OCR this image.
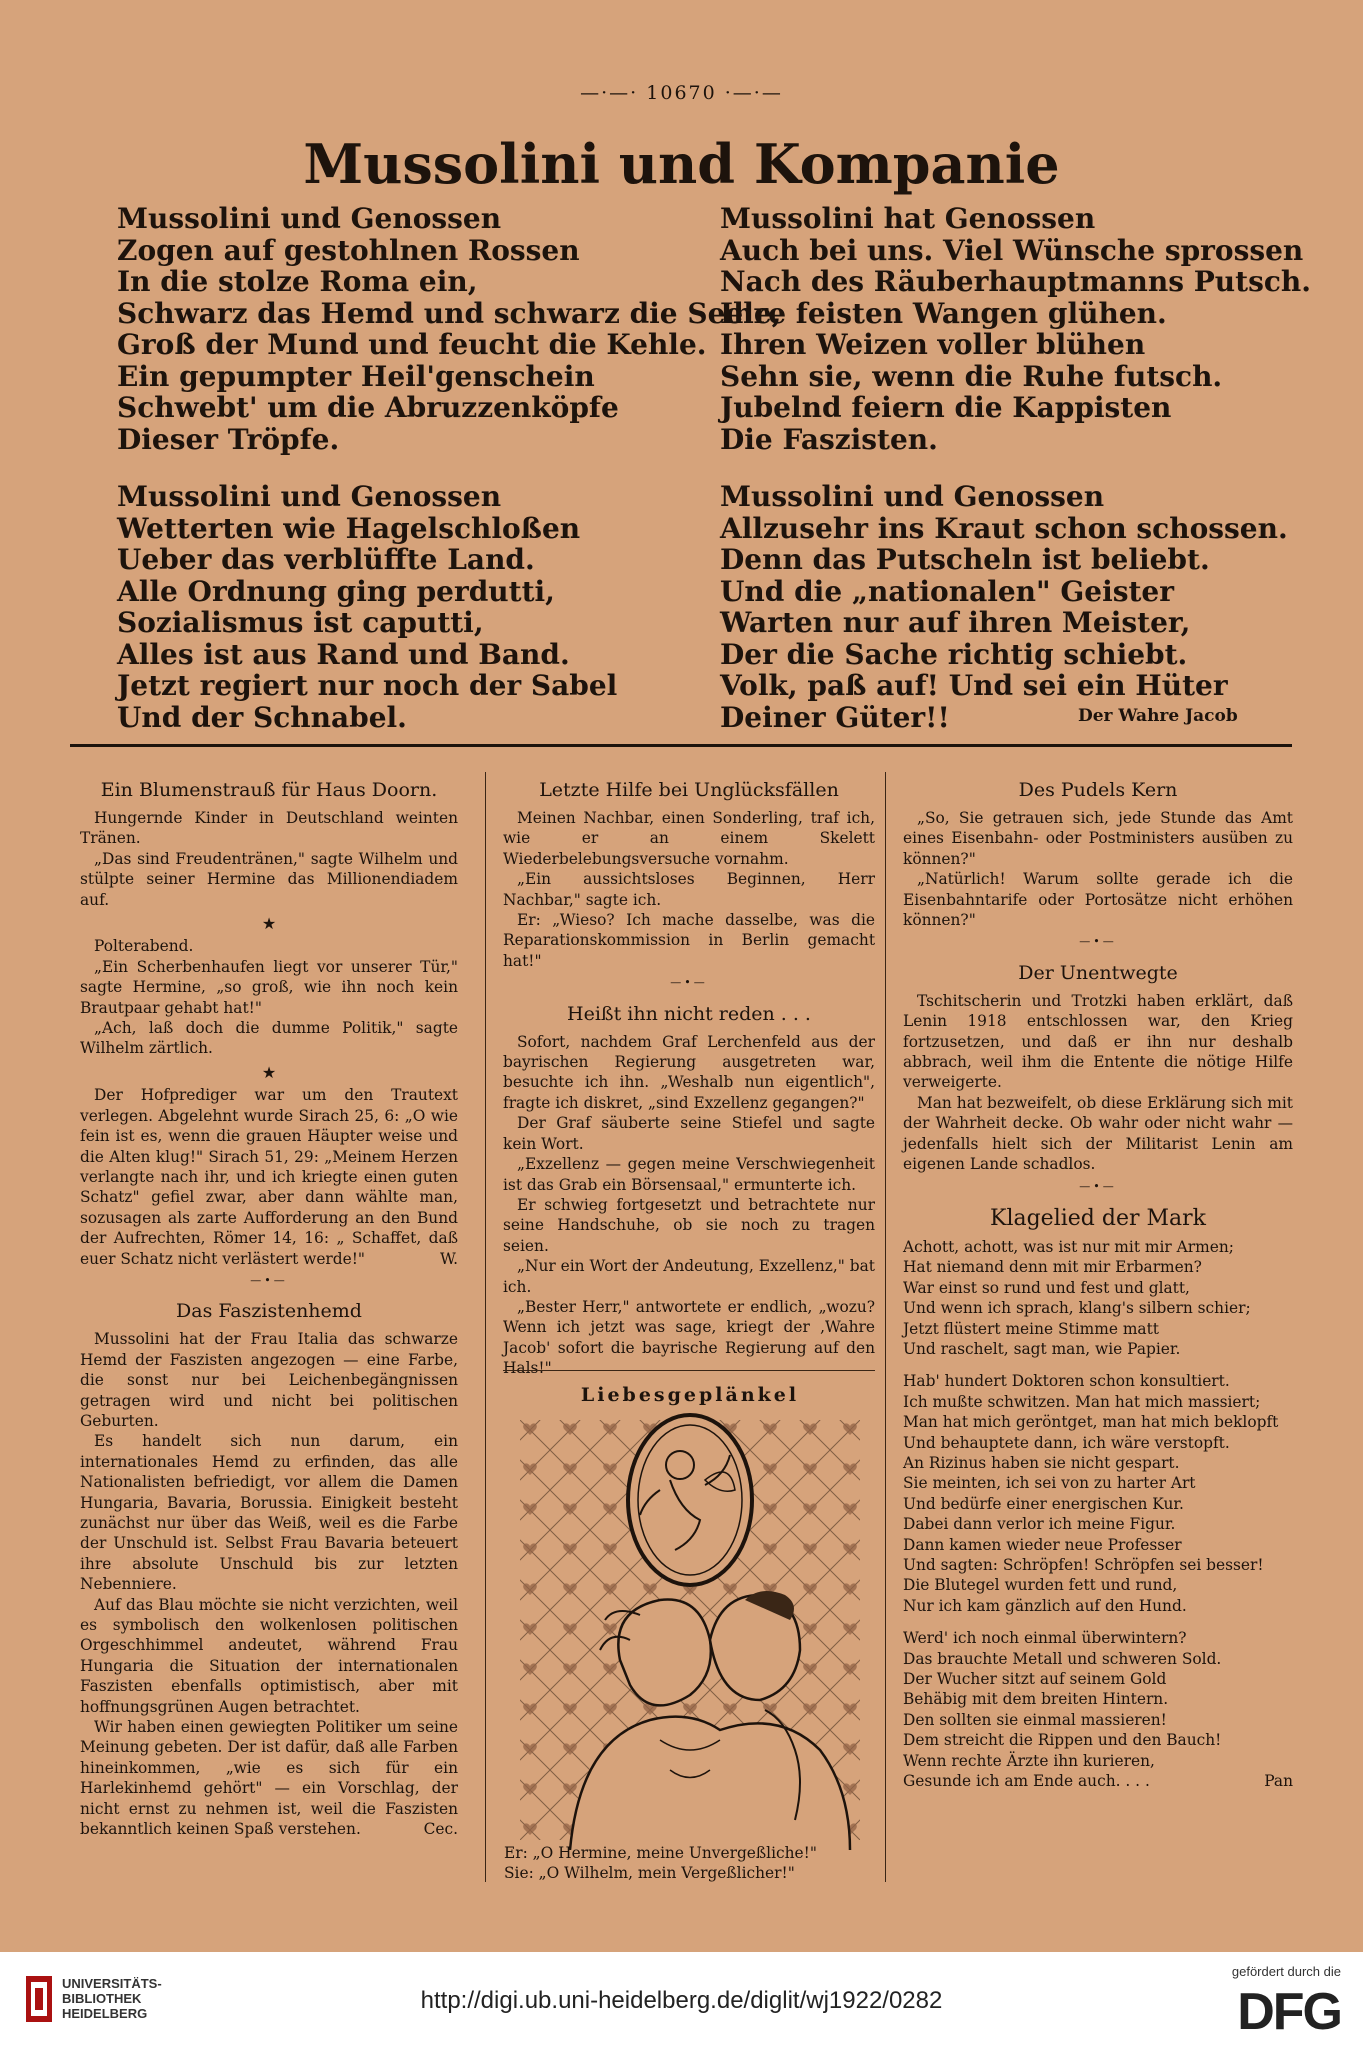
—·—· 10670 ·—·—
Mussolini und Kompanie
Mussolini und Genossen
Zogen auf gestohlnen Rossen
In die stolze Roma ein,
Schwarz das Hemd und schwarz die Seele,
Groß der Mund und feucht die Kehle.
Ein gepumpter Heil'genschein
Schwebt' um die Abruzzenköpfe
Dieser Tröpfe.
Mussolini und Genossen
Wetterten wie Hagelschloßen
Ueber das verblüffte Land.
Alle Ordnung ging perdutti,
Sozialismus ist caputti,
Alles ist aus Rand und Band.
Jetzt regiert nur noch der Sabel
Und der Schnabel.
Mussolini hat Genossen
Auch bei uns. Viel Wünsche sprossen
Nach des Räuberhauptmanns Putsch.
Ihre feisten Wangen glühen.
Ihren Weizen voller blühen
Sehn sie, wenn die Ruhe futsch.
Jubelnd feiern die Kappisten
Die Faszisten.
Mussolini und Genossen
Allzusehr ins Kraut schon schossen.
Denn das Putscheln ist beliebt.
Und die „nationalen" Geister
Warten nur auf ihren Meister,
Der die Sache richtig schiebt.
Volk, paß auf! Und sei ein Hüter
Deiner Güter!!	Der Wahre Jacob
Ein Blumenstrauß für Haus Doorn.

Hungernde Kinder in Deutschland weinten Tränen.

„Das sind Freudentränen," sagte Wilhelm und stülpte seiner Hermine das Millionendiadem auf.

★

Polterabend.

„Ein Scherbenhaufen liegt vor unserer Tür," sagte Hermine, „so groß, wie ihn noch kein Brautpaar gehabt hat!"

„Ach, laß doch die dumme Politik," sagte Wilhelm zärtlich.

★

Der Hofprediger war um den Trautext verlegen. Abgelehnt wurde Sirach 25, 6: „O wie fein ist es, wenn die grauen Häupter weise und die Alten klug!" Sirach 51, 29: „Meinem Herzen verlangte nach ihr, und ich kriegte einen guten Schatz" gefiel zwar, aber dann wählte man, sozusagen als zarte Aufforderung an den Bund der Aufrechten, Römer 14, 16: „ Schaffet, daß euer Schatz nicht verlästert werde!"	W.

—•—
Das Faszistenhemd

Mussolini hat der Frau Italia das schwarze Hemd der Faszisten angezogen — eine Farbe, die sonst nur bei Leichenbegängnissen getragen wird und nicht bei politischen Geburten.

Es handelt sich nun darum, ein internationales Hemd zu erfinden, das alle Nationalisten befriedigt, vor allem die Damen Hungaria, Bavaria, Borussia. Einigkeit besteht zunächst nur über das Weiß, weil es die Farbe der Unschuld ist. Selbst Frau Bavaria beteuert ihre absolute Unschuld bis zur letzten Nebenniere.

Auf das Blau möchte sie nicht verzichten, weil es symbolisch den wolkenlosen politischen Orgeschhimmel andeutet, während Frau Hungaria die Situation der internationalen Faszisten ebenfalls optimistisch, aber mit hoffnungsgrünen Augen betrachtet.

Wir haben einen gewiegten Politiker um seine Meinung gebeten. Der ist dafür, daß alle Farben hineinkommen, „wie es sich für ein Harlekinhemd gehört" — ein Vorschlag, der nicht ernst zu nehmen ist, weil die Faszisten bekanntlich keinen Spaß verstehen.	Cec.

Letzte Hilfe bei Unglücksfällen

Meinen Nachbar, einen Sonderling, traf ich, wie er an einem Skelett Wiederbelebungsversuche vornahm.

„Ein aussichtsloses Beginnen, Herr Nachbar," sagte ich.

Er: „Wieso? Ich mache dasselbe, was die Reparationskommission in Berlin gemacht hat!"

—•—
Heißt ihn nicht reden . . .

Sofort, nachdem Graf Lerchenfeld aus der bayrischen Regierung ausgetreten war, besuchte ich ihn. „Weshalb nun eigentlich", fragte ich diskret, „sind Exzellenz gegangen?"

Der Graf säuberte seine Stiefel und sagte kein Wort.

„Exzellenz — gegen meine Verschwiegenheit ist das Grab ein Börsensaal," ermunterte ich.

Er schwieg fortgesetzt und betrachtete nur seine Handschuhe, ob sie noch zu tragen seien.

„Nur ein Wort der Andeutung, Exzellenz," bat ich.

„Bester Herr," antwortete er endlich, „wozu? Wenn ich jetzt was sage, kriegt der ‚Wahre Jacob' sofort die bayrische Regierung auf den Hals!"

Liebesgeplänkel
Er: „O Hermine, meine Unvergeßliche!"
Sie: „O Wilhelm, mein Vergeßlicher!"
Des Pudels Kern

„So, Sie getrauen sich, jede Stunde das Amt eines Eisenbahn- oder Postministers ausüben zu können?"

„Natürlich! Warum sollte gerade ich die Eisenbahntarife oder Portosätze nicht erhöhen können?"

—•—
Der Unentwegte

Tschitscherin und Trotzki haben erklärt, daß Lenin 1918 entschlossen war, den Krieg fortzusetzen, und daß er ihn nur deshalb abbrach, weil ihm die Entente die nötige Hilfe verweigerte.

Man hat bezweifelt, ob diese Erklärung sich mit der Wahrheit decke. Ob wahr oder nicht wahr — jedenfalls hielt sich der Militarist Lenin am eigenen Lande schadlos.

—•—
Klagelied der Mark
Achott, achott, was ist nur mit mir Armen;
Hat niemand denn mit mir Erbarmen?
War einst so rund und fest und glatt,
Und wenn ich sprach, klang's silbern schier;
Jetzt flüstert meine Stimme matt
Und raschelt, sagt man, wie Papier.
Hab' hundert Doktoren schon konsultiert.
Ich mußte schwitzen. Man hat mich massiert;
Man hat mich geröntget, man hat mich beklopft
Und behauptete dann, ich wäre verstopft.
An Rizinus haben sie nicht gespart.
Sie meinten, ich sei von zu harter Art
Und bedürfe einer energischen Kur.
Dabei dann verlor ich meine Figur.
Dann kamen wieder neue Professer
Und sagten: Schröpfen! Schröpfen sei besser!
Die Blutegel wurden fett und rund,
Nur ich kam gänzlich auf den Hund.
Werd' ich noch einmal überwintern?
Das brauchte Metall und schweren Sold.
Der Wucher sitzt auf seinem Gold
Behäbig mit dem breiten Hintern.
Den sollten sie einmal massieren!
Dem streicht die Rippen und den Bauch!
Wenn rechte Ärzte ihn kurieren,
Gesunde ich am Ende auch. . . .	Pan
UNIVERSITÄTS-
BIBLIOTHEK
HEIDELBERG	http://digi.ub.uni-heidelberg.de/diglit/wj1922/0282
gefördert durch die
DFG
